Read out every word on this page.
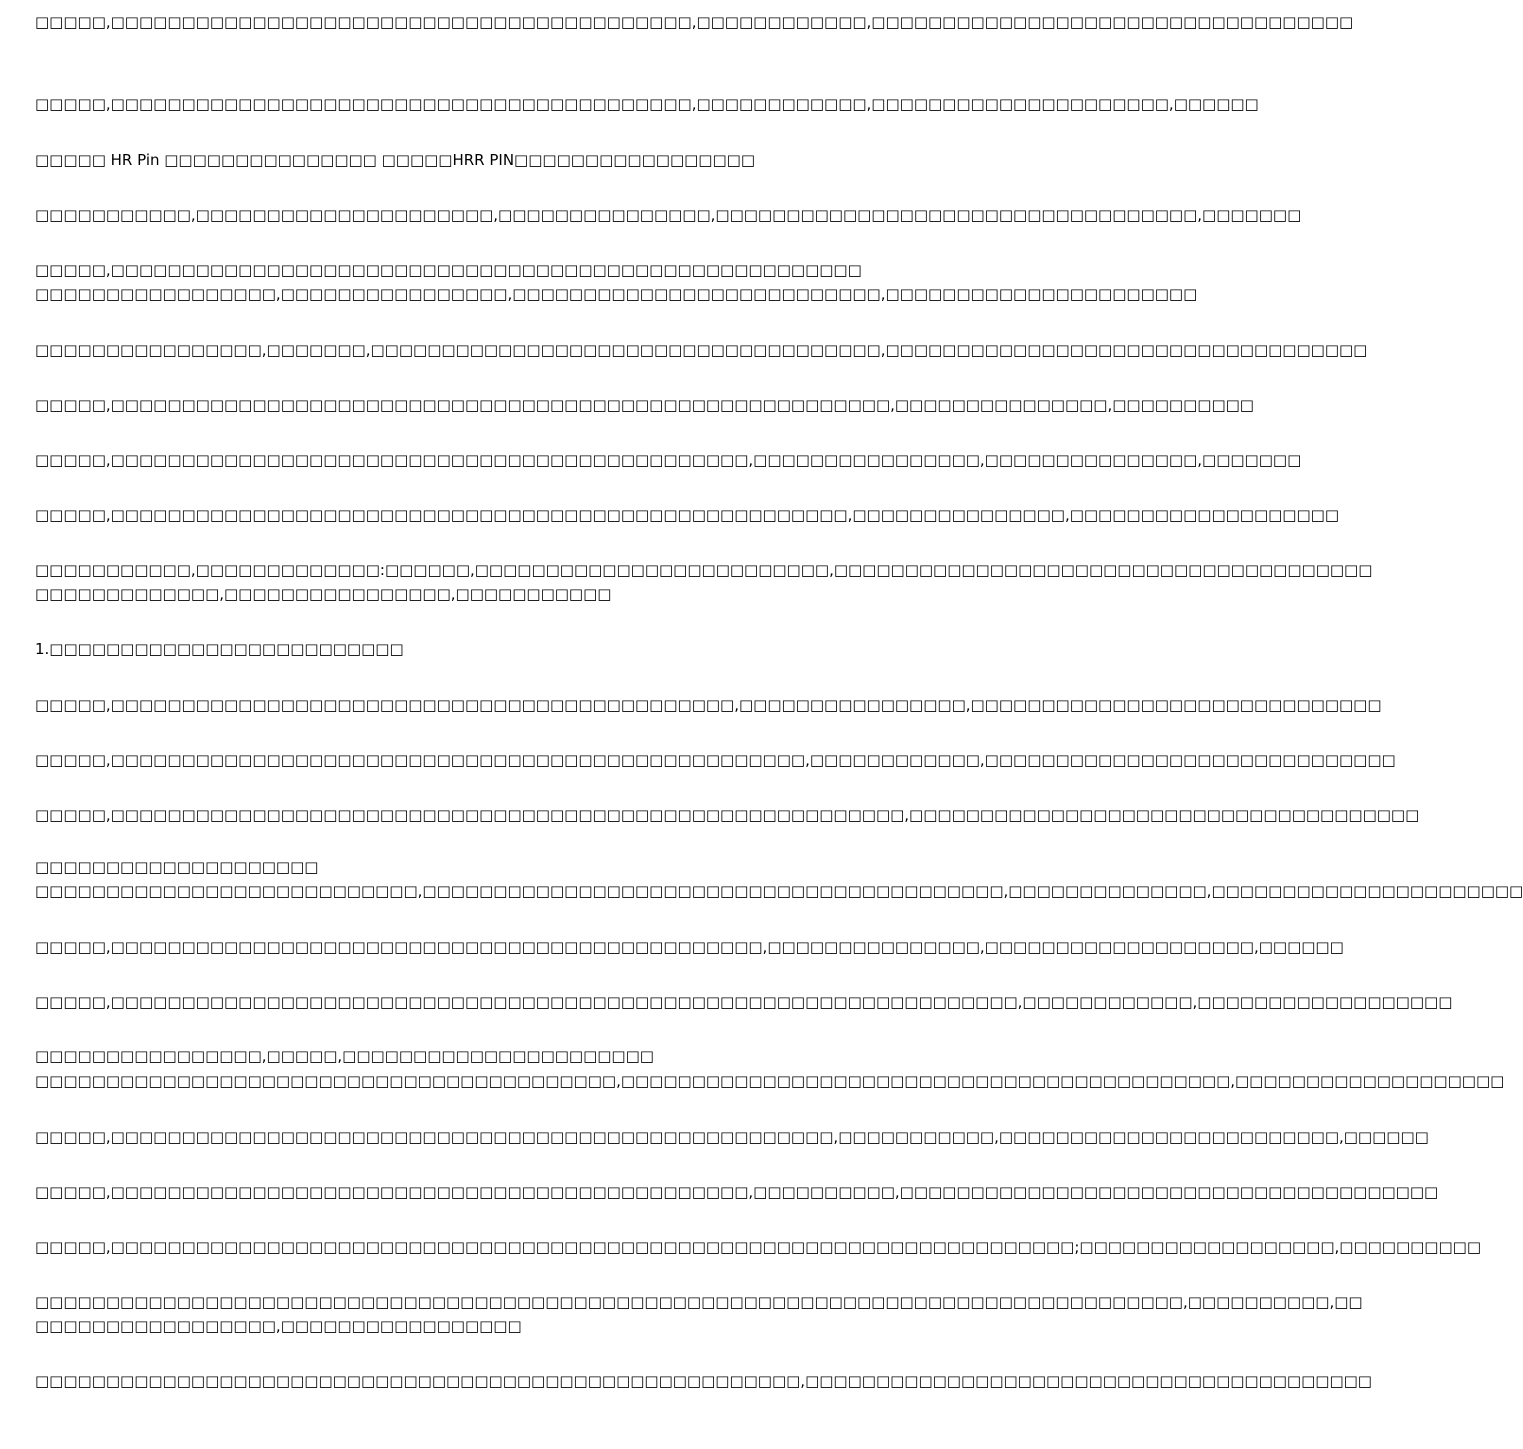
□□□□□,□□□□□□□□□□□□□□□□□□□□□□□□□□□□□□□□□□□□□□□□□,□□□□□□□□□□□□,□□□□□□□□□□□□□□□□□□□□□□□□□□□□□□□□□□
□□□□□,□□□□□□□□□□□□□□□□□□□□□□□□□□□□□□□□□□□□□□□□□,□□□□□□□□□□□□,□□□□□□□□□□□□□□□□□□□□□,□□□□□□
□□□□□ HR Pin □□□□□□□□□□□□□□□ □□□□□HRR PIN□□□□□□□□□□□□□□□□□
□□□□□□□□□□□,□□□□□□□□□□□□□□□□□□□□□,□□□□□□□□□□□□□□□,□□□□□□□□□□□□□□□□□□□□□□□□□□□□□□□□□□,□□□□□□□
□□□□□,□□□□□□□□□□□□□□□□□□□□□□□□□□□□□□□□□□□□□□□□□□□□□□□□□□□□□
□□□□□□□□□□□□□□□□□,□□□□□□□□□□□□□□□□,□□□□□□□□□□□□□□□□□□□□□□□□□□,□□□□□□□□□□□□□□□□□□□□□□
□□□□□□□□□□□□□□□□,□□□□□□□,□□□□□□□□□□□□□□□□□□□□□□□□□□□□□□□□□□□□,□□□□□□□□□□□□□□□□□□□□□□□□□□□□□□□□□□
□□□□□,□□□□□□□□□□□□□□□□□□□□□□□□□□□□□□□□□□□□□□□□□□□□□□□□□□□□□□□,□□□□□□□□□□□□□□□,□□□□□□□□□□
□□□□□,□□□□□□□□□□□□□□□□□□□□□□□□□□□□□□□□□□□□□□□□□□□□□,□□□□□□□□□□□□□□□□,□□□□□□□□□□□□□□□,□□□□□□□
□□□□□,□□□□□□□□□□□□□□□□□□□□□□□□□□□□□□□□□□□□□□□□□□□□□□□□□□□□,□□□□□□□□□□□□□□□,□□□□□□□□□□□□□□□□□□□
□□□□□□□□□□□,□□□□□□□□□□□□□:□□□□□□,□□□□□□□□□□□□□□□□□□□□□□□□□,□□□□□□□□□□□□□□□□□□□□□□□□□□□□□□□□□□□□□□
□□□□□□□□□□□□□,□□□□□□□□□□□□□□□□,□□□□□□□□□□□
1.□□□□□□□□□□□□□□□□□□□□□□□□□
□□□□□,□□□□□□□□□□□□□□□□□□□□□□□□□□□□□□□□□□□□□□□□□□□□,□□□□□□□□□□□□□□□□,□□□□□□□□□□□□□□□□□□□□□□□□□□□□□
□□□□□,□□□□□□□□□□□□□□□□□□□□□□□□□□□□□□□□□□□□□□□□□□□□□□□□□,□□□□□□□□□□□□,□□□□□□□□□□□□□□□□□□□□□□□□□□□□□
□□□□□,□□□□□□□□□□□□□□□□□□□□□□□□□□□□□□□□□□□□□□□□□□□□□□□□□□□□□□□□,□□□□□□□□□□□□□□□□□□□□□□□□□□□□□□□□□□□□
□□□□□□□□□□□□□□□□□□□□
□□□□□□□□□□□□□□□□□□□□□□□□□□□,□□□□□□□□□□□□□□□□□□□□□□□□□□□□□□□□□□□□□□□□□,□□□□□□□□□□□□□□,□□□□□□□□□□□□□□□□□□□□□□
□□□□□,□□□□□□□□□□□□□□□□□□□□□□□□□□□□□□□□□□□□□□□□□□□□□□,□□□□□□□□□□□□□□□,□□□□□□□□□□□□□□□□□□□,□□□□□□
□□□□□,□□□□□□□□□□□□□□□□□□□□□□□□□□□□□□□□□□□□□□□□□□□□□□□□□□□□□□□□□□□□□□□□,□□□□□□□□□□□□,□□□□□□□□□□□□□□□□□□
□□□□□□□□□□□□□□□□,□□□□□,□□□□□□□□□□□□□□□□□□□□□□
□□□□□□□□□□□□□□□□□□□□□□□□□□□□□□□□□□□□□□□□□,□□□□□□□□□□□□□□□□□□□□□□□□□□□□□□□□□□□□□□□□□□□,□□□□□□□□□□□□□□□□□□□
□□□□□,□□□□□□□□□□□□□□□□□□□□□□□□□□□□□□□□□□□□□□□□□□□□□□□□□□□,□□□□□□□□□□□,□□□□□□□□□□□□□□□□□□□□□□□□,□□□□□□
□□□□□,□□□□□□□□□□□□□□□□□□□□□□□□□□□□□□□□□□□□□□□□□□□□□,□□□□□□□□□□,□□□□□□□□□□□□□□□□□□□□□□□□□□□□□□□□□□□□□□
□□□□□,□□□□□□□□□□□□□□□□□□□□□□□□□□□□□□□□□□□□□□□□□□□□□□□□□□□□□□□□□□□□□□□□□□□□;□□□□□□□□□□□□□□□□□□,□□□□□□□□□□
□□□□□□□□□□□□□□□□□□□□□□□□□□□□□□□□□□□□□□□□□□□□□□□□□□□□□□□□□□□□□□□□□□□□□□□□□□□□□□□□□,□□□□□□□□□□,□□
□□□□□□□□□□□□□□□□□,□□□□□□□□□□□□□□□□□
□□□□□□□□□□□□□□□□□□□□□□□□□□□□□□□□□□□□□□□□□□□□□□□□□□□□□□,□□□□□□□□□□□□□□□□□□□□□□□□□□□□□□□□□□□□□□□□
